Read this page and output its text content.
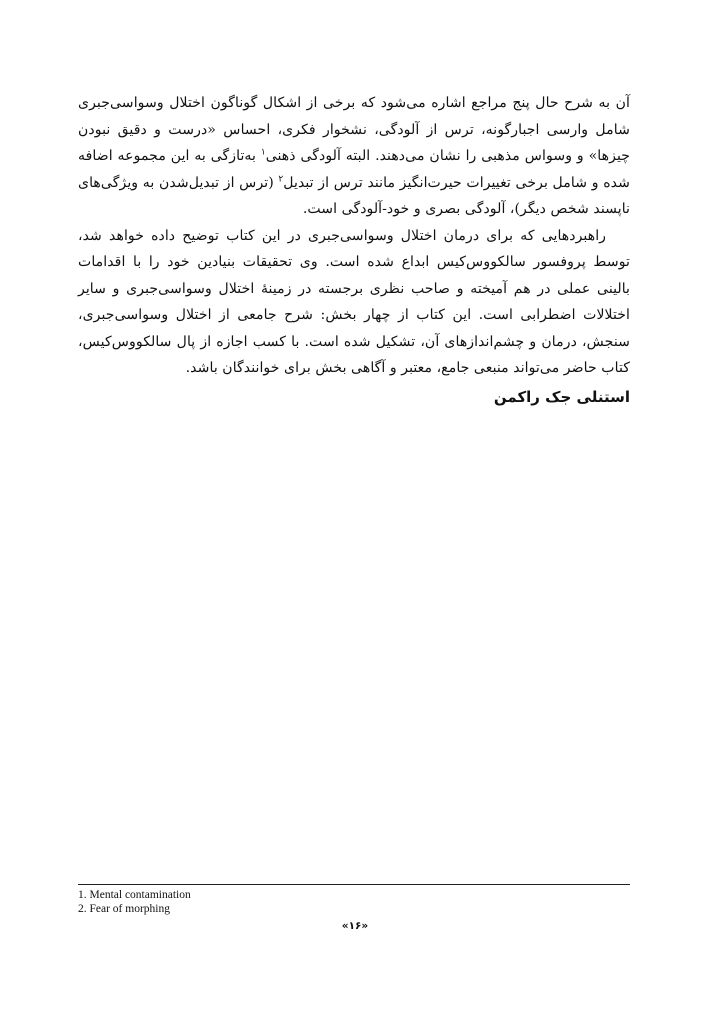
آن به شرح حال پنج مراجع اشاره می‌شود که برخی از اشکال گوناگون اختلال وسواسی‌جبری شامل وارسی اجبارگونه، ترس از آلودگی، نشخوار فکری، احساس «درست و دقیق نبودن چیزها» و وسواس مذهبی را نشان می‌دهند. البته آلودگی ذهنی$^۱$ به‌تازگی به این مجموعه اضافه شده و شامل برخی تغییرات حیرت‌انگیز مانند ترس از تبدیل$^۲$ (ترس از تبدیل‌شدن به ویژگی‌های ناپسند شخص دیگر)، آلودگی بصری و خود-آلودگی است.

راهبردهایی که برای درمان اختلال وسواسی‌جبری در این کتاب توضیح داده خواهد شد، توسط پروفسور سالکووس‌کیس ابداع شده است. وی تحقیقات بنیادین خود را با اقدامات بالینی عملی در هم آمیخته و صاحب نظری برجسته در زمینۀ اختلال وسواسی‌جبری و سایر اختلالات اضطرابی است. این کتاب از چهار بخش: شرح جامعی از اختلال وسواسی‌جبری، سنجش، درمان و چشم‌اندازهای آن، تشکیل شده است. با کسب اجازه از پال سالکووس‌کیس، کتاب حاضر می‌تواند منبعی جامع، معتبر و آگاهی بخش برای خوانندگان باشد.

استنلی جک راکمن

1. Mental contamination
2. Fear of morphing
«۱۶»
